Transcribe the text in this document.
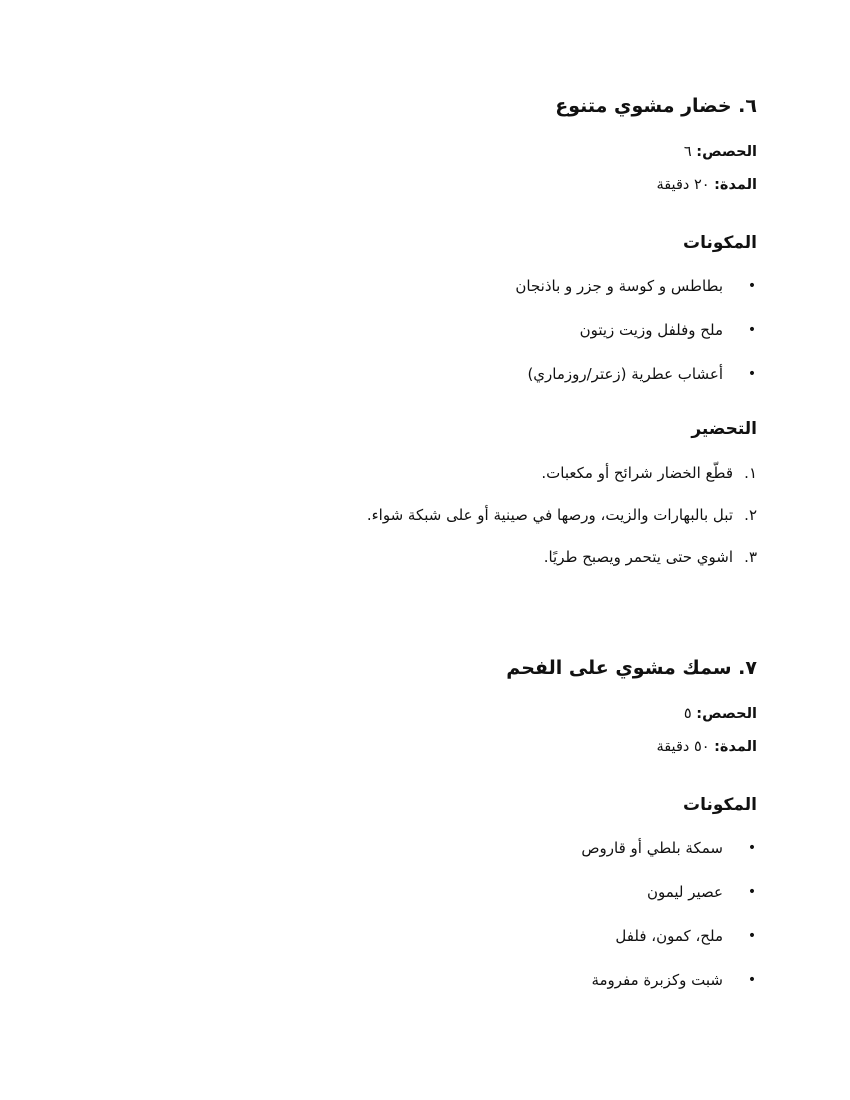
٦. خضار مشوي متنوع

الحصص: ٦

المدة: ٢٠ دقيقة

المكونات
•
بطاطس و كوسة و جزر و باذنجان
•
ملح وفلفل وزيت زيتون
•
أعشاب عطرية (زعتر/روزماري)
التحضير
١.
قطّع الخضار شرائح أو مكعبات.
٢.
تبل بالبهارات والزيت، ورصها في صينية أو على شبكة شواء.
٣.
اشوي حتى يتحمر ويصبح طريًا.
٧. سمك مشوي على الفحم

الحصص: ٥

المدة: ٥٠ دقيقة

المكونات
•
سمكة بلطي أو قاروص
•
عصير ليمون
•
ملح، كمون، فلفل
•
شبت وكزبرة مفرومة
